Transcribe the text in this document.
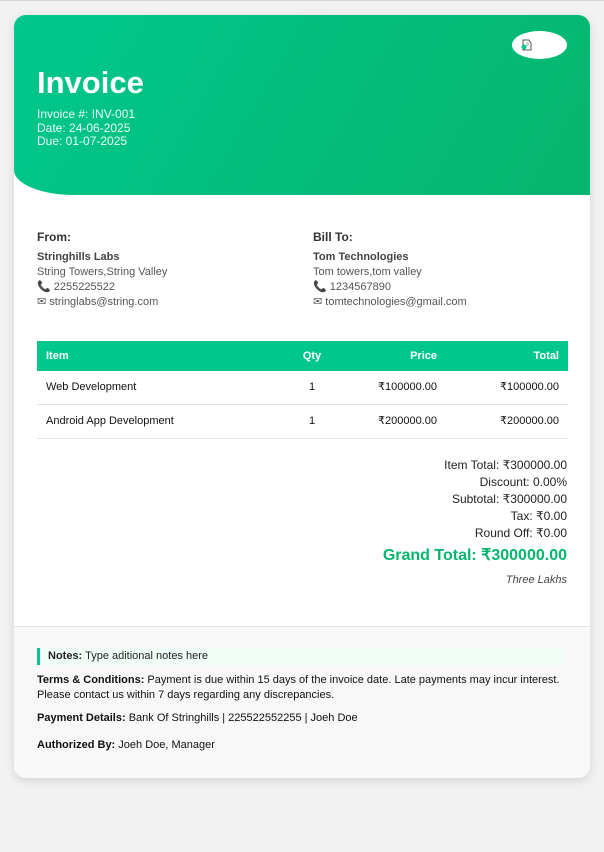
Invoice
Invoice #: INV-001
Date: 24-06-2025
Due: 01-07-2025
From:
Stringhills Labs
String Towers,String Valley
📞 2255225522
✉ stringlabs@string.com
Bill To:
Tom Technologies
Tom towers,tom valley
📞 1234567890
✉ tomtechnologies@gmail.com
Item	Qty	Price	Total
Web Development	1	₹100000.00	₹100000.00
Android App Development	1	₹200000.00	₹200000.00
Item Total: ₹300000.00
Discount: 0.00%
Subtotal: ₹300000.00
Tax: ₹0.00
Round Off: ₹0.00
Grand Total: ₹300000.00
Three Lakhs
Notes: Type aditional notes here
Terms & Conditions: Payment is due within 15 days of the invoice date. Late payments may incur interest. Please contact us within 7 days regarding any discrepancies.
Payment Details: Bank Of Stringhills | 225522552255 | Joeh Doe
Authorized By: Joeh Doe, Manager
